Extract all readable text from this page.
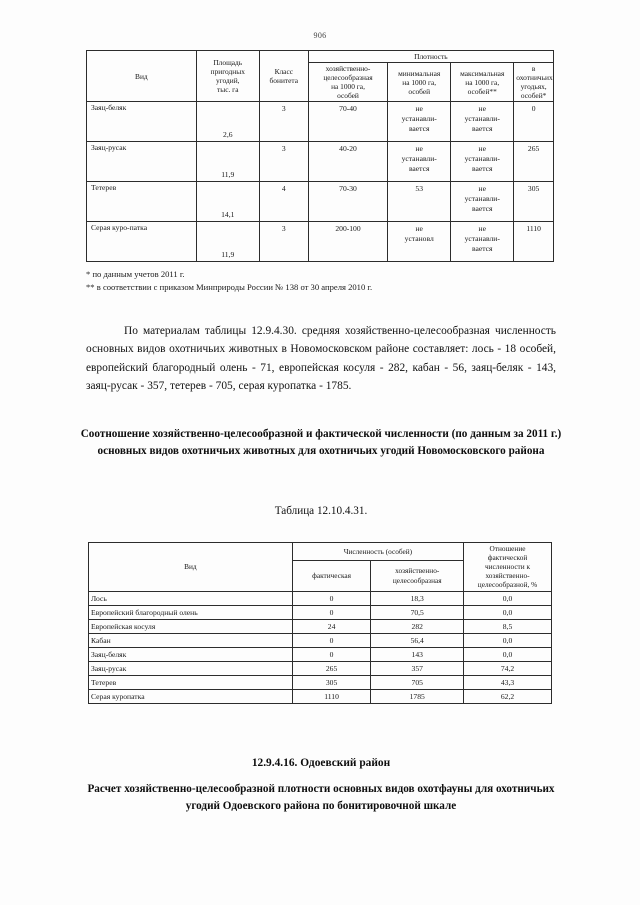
906
Вид	Площадь
пригодных
угодий,
тыс. га	Класс
бонитета	Плотность			

			хозяйственно-
целесообразная
на 1000 га,
особей	минимальная
на 1000 га,
особей	максимальная
на 1000 га,
особей**	в
охотничьих
угодьях,
особей*

Заяц-беляк	2,6	3	70-40	не
устанавли-
вается	не
устанавли-
вается	0
Заяц-русак	11,9	3	40-20	не
устанавли-
вается	не
устанавли-
вается	265
Тетерев	14,1	4	70-30	53	не
устанавли-
вается	305
Серая куро-патка	11,9	3	200-100	не
установл	не
устанавли-
вается	1110
* по данным учетов 2011 г.
** в соответствии с приказом Минприроды России № 138 от 30 апреля 2010 г.
По материалам таблицы 12.9.4.30. средняя хозяйственно-целесообразная численность основных видов охотничьих животных в Новомосковском районе составляет: лось - 18 особей, европейский благородный олень - 71, европейская косуля - 282, кабан - 56, заяц-беляк - 143, заяц-русак - 357, тетерев - 705, серая куропатка - 1785.
Соотношение хозяйственно-целесообразной и фактической численности (по данным за 2011 г.) основных видов охотничьих животных для охотничьих угодий Новомосковского района
Таблица 12.10.4.31.
Вид	Численность (особей)		Отношение
фактической
численности к
хозяйственно-
целесообразной, %

	фактическая	хозяйственно-
целесообразная	

Лось	0	18,3	0,0
Европейский благородный олень	0	70,5	0,0
Европейская косуля	24	282	8,5
Кабан	0	56,4	0,0
Заяц-беляк	0	143	0,0
Заяц-русак	265	357	74,2
Тетерев	305	705	43,3
Серая куропатка	1110	1785	62,2
12.9.4.16. Одоевский район
Расчет хозяйственно-целесообразной плотности основных видов охотфауны для охотничьих угодий Одоевского района по бонитировочной шкале
